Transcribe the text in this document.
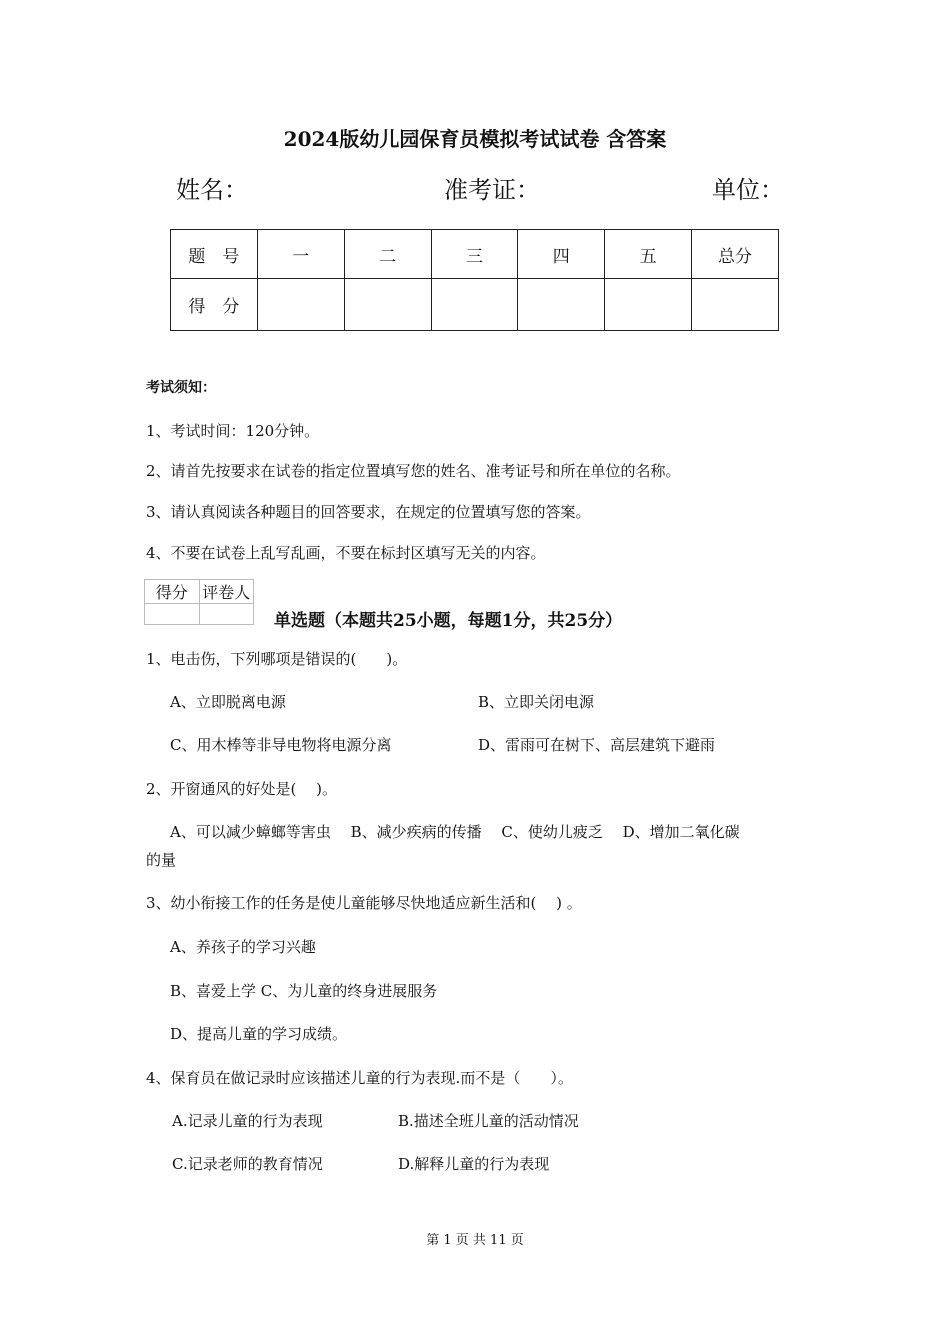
2024版幼儿园保育员模拟考试试卷 含答案
姓名：	准考证：	单位：
题　号	一	二	三	四	五	总分
得　分						
考试须知：
1、考试时间：120分钟。
2、请首先按要求在试卷的指定位置填写您的姓名、准考证号和所在单位的名称。
3、请认真阅读各种题目的回答要求，在规定的位置填写您的答案。
4、不要在试卷上乱写乱画，不要在标封区填写无关的内容。
得分	评卷人

单选题（本题共25小题，每题1分，共25分）
1、电击伤，下列哪项是错误的(　　)。
A、立即脱离电源	B、立即关闭电源
C、用木棒等非导电物将电源分离	D、雷雨可在树下、高层建筑下避雨
2、开窗通风的好处是(　 )。
A、可以减少蟑螂等害虫　 B、减少疾病的传播　 C、使幼儿疲乏　 D、增加二氧化碳
的量
3、幼小衔接工作的任务是使儿童能够尽快地适应新生活和(　 ) 。
A、养孩子的学习兴趣
B、喜爱上学 C、为儿童的终身进展服务
D、提高儿童的学习成绩。
4、保育员在做记录时应该描述儿童的行为表现.而不是（　　）。
A.记录儿童的行为表现	B.描述全班儿童的活动情况
C.记录老师的教育情况	D.解释儿童的行为表现
第 1 页 共 11 页
